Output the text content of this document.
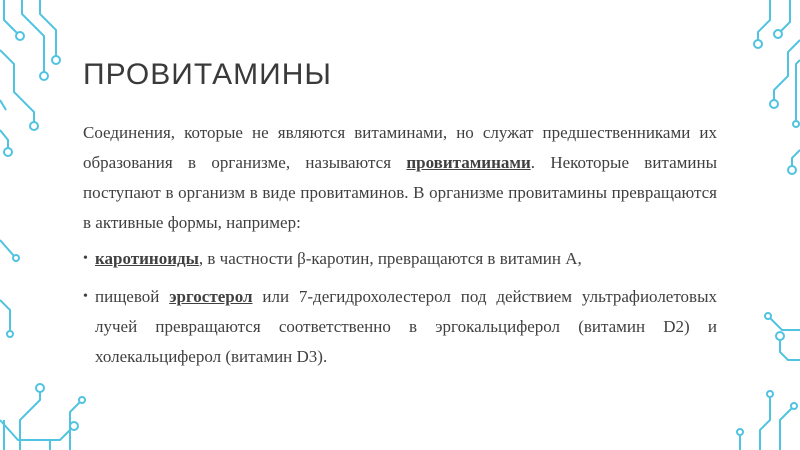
ПРОВИТАМИНЫ

Соединения, которые не являются витаминами, но служат предшественниками их образования в организме, называются провитаминами. Некоторые витамины поступают в организм в виде провитаминов. В организме провитамины превращаются в активные формы, например:

• каротиноиды, в частности β-каротин, превращаются в витамин А,
• пищевой эргостерол или 7-дегидрохолестерол под действием ультрафиолетовых лучей превращаются соответственно в эргокальциферол (витамин D2) и холекальциферол (витамин D3).
